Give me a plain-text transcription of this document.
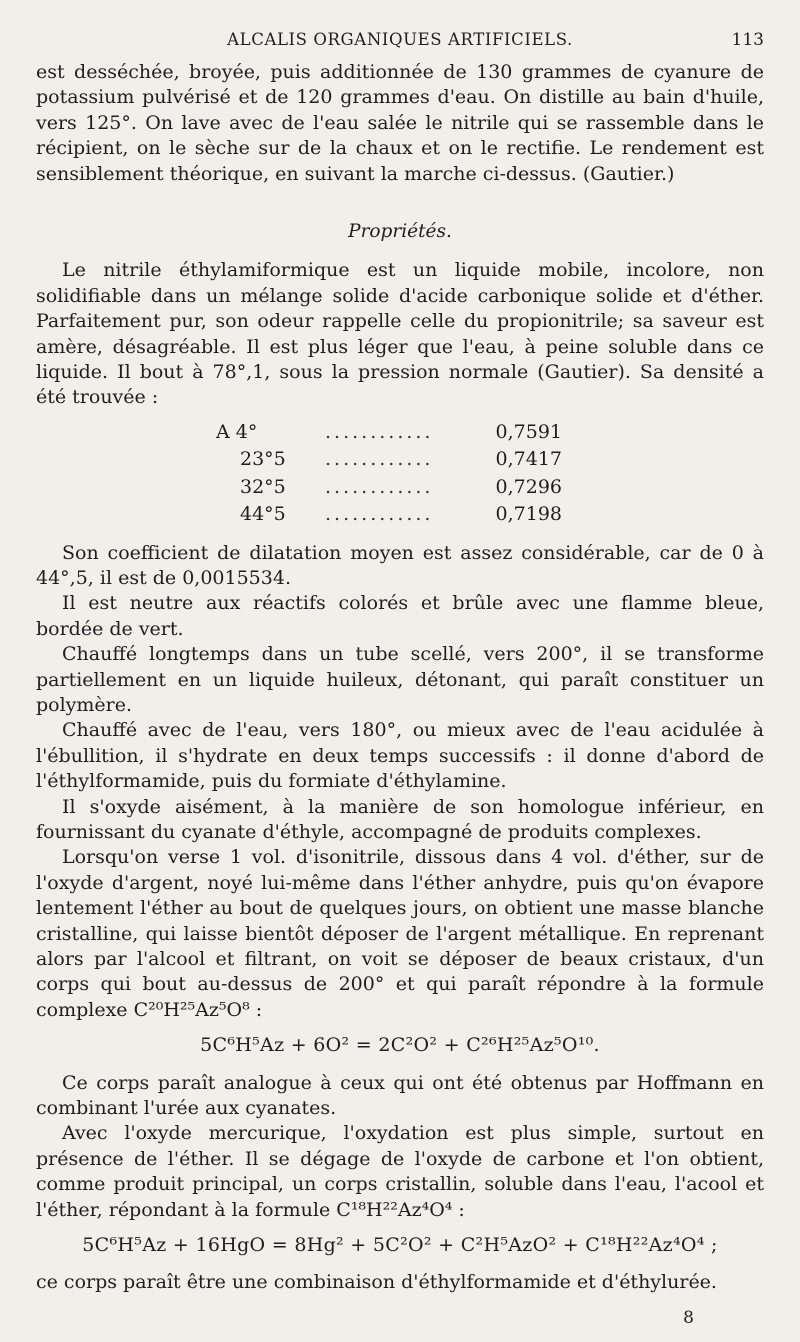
ALCALIS ORGANIQUES ARTIFICIELS.	113

est desséchée, broyée, puis additionnée de 130 grammes de cyanure de potassium pulvérisé et de 120 grammes d'eau. On distille au bain d'huile, vers 125°. On lave avec de l'eau salée le nitrile qui se rassemble dans le récipient, on le sèche sur de la chaux et on le rectifie. Le rendement est sensiblement théorique, en suivant la marche ci-dessus. (Gautier.)

Propriétés.

Le nitrile éthylamiformique est un liquide mobile, incolore, non solidifiable dans un mélange solide d'acide carbonique solide et d'éther. Parfaitement pur, son odeur rappelle celle du propionitrile; sa saveur est amère, désagréable. Il est plus léger que l'eau, à peine soluble dans ce liquide. Il bout à 78°,1, sous la pression normale (Gautier). Sa densité a été trouvée :

A 4°	............	0,7591
23°5	............	0,7417
32°5	............	0,7296
44°5	............	0,7198

Son coefficient de dilatation moyen est assez considérable, car de 0 à 44°,5, il est de 0,0015534.

Il est neutre aux réactifs colorés et brûle avec une flamme bleue, bordée de vert.

Chauffé longtemps dans un tube scellé, vers 200°, il se transforme partiellement en un liquide huileux, détonant, qui paraît constituer un polymère.

Chauffé avec de l'eau, vers 180°, ou mieux avec de l'eau acidulée à l'ébullition, il s'hydrate en deux temps successifs : il donne d'abord de l'éthylformamide, puis du formiate d'éthylamine.

Il s'oxyde aisément, à la manière de son homologue inférieur, en fournissant du cyanate d'éthyle, accompagné de produits complexes.

Lorsqu'on verse 1 vol. d'isonitrile, dissous dans 4 vol. d'éther, sur de l'oxyde d'argent, noyé lui-même dans l'éther anhydre, puis qu'on évapore lentement l'éther au bout de quelques jours, on obtient une masse blanche cristalline, qui laisse bientôt déposer de l'argent métallique. En reprenant alors par l'alcool et filtrant, on voit se déposer de beaux cristaux, d'un corps qui bout au-dessus de 200° et qui paraît répondre à la formule complexe C²⁰H²⁵Az⁵O⁸ :

5C⁶H⁵Az + 6O² = 2C²O² + C²⁶H²⁵Az⁵O¹⁰.

Ce corps paraît analogue à ceux qui ont été obtenus par Hoffmann en combinant l'urée aux cyanates.

Avec l'oxyde mercurique, l'oxydation est plus simple, surtout en présence de l'éther. Il se dégage de l'oxyde de carbone et l'on obtient, comme produit principal, un corps cristallin, soluble dans l'eau, l'acool et l'éther, répondant à la formule C¹⁸H²²Az⁴O⁴ :

5C⁶H⁵Az + 16HgO = 8Hg² + 5C²O² + C²H⁵AzO² + C¹⁸H²²Az⁴O⁴ ;

ce corps paraît être une combinaison d'éthylformamide et d'éthylurée.

8
